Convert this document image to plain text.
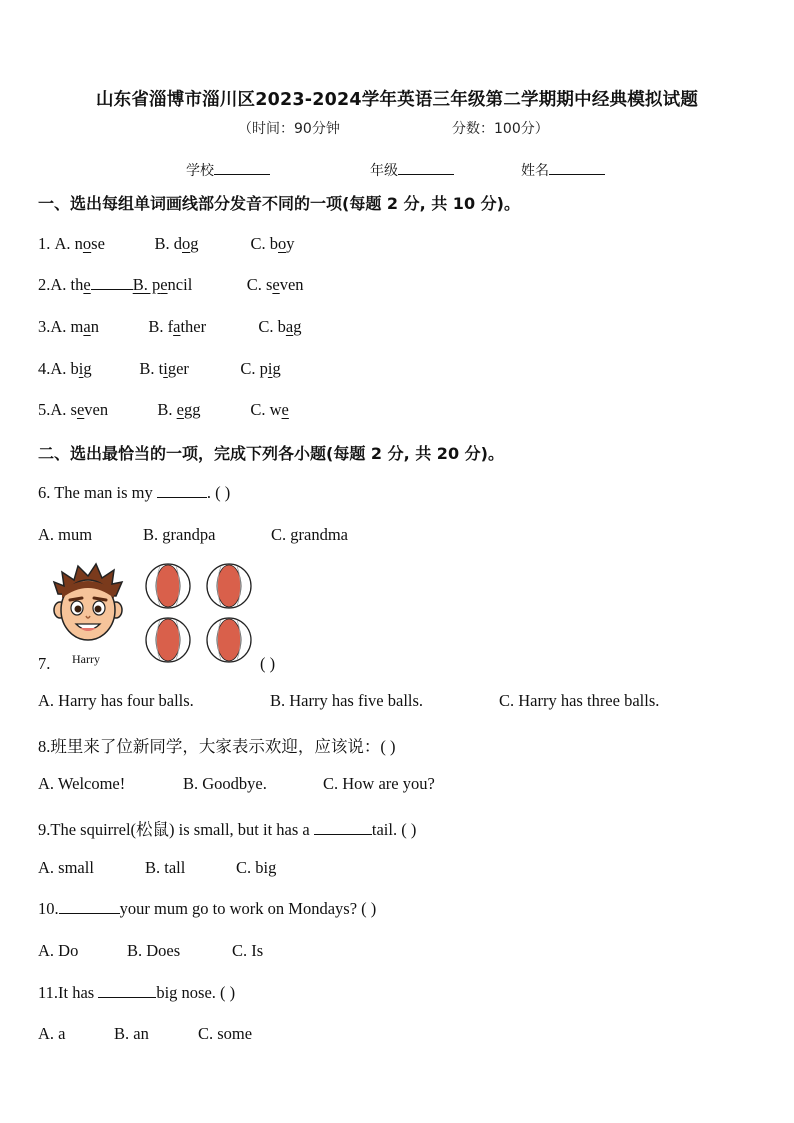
山东省淄博市淄川区2023-2024学年英语三年级第二学期期中经典模拟试题
（时间：90分钟	分数：100分）
学校	年级	姓名
一、选出每组单词画线部分发音不同的一项(每题 2 分, 共 10 分)。
1. A. nose	B. dog	C. boy
2.A. the	B. pencil	C. seven
3.A. man	B. father	C. bag
4.A. big	B. tiger	C. pig
5.A. seven	B. egg	C. we
二、选出最恰当的一项，完成下列各小题(每题 2 分, 共 20 分)。
6. The man is my	. ( )
A. mum	B. grandpa	C. grandma
7. Harry	( )
A. Harry has four balls.	B. Harry has five balls.	C. Harry has three balls.
8.班里来了位新同学，大家表示欢迎，应该说：( )
A. Welcome!	B. Goodbye.	C. How are you?
9.The squirrel(松鼠) is small, but it has a	tail. ( )
A. small	B. tall	C. big
10.	your mum go to work on Mondays? ( )
A. Do	B. Does	C. Is
11.It has	big nose. ( )
A. a	B. an	C. some
